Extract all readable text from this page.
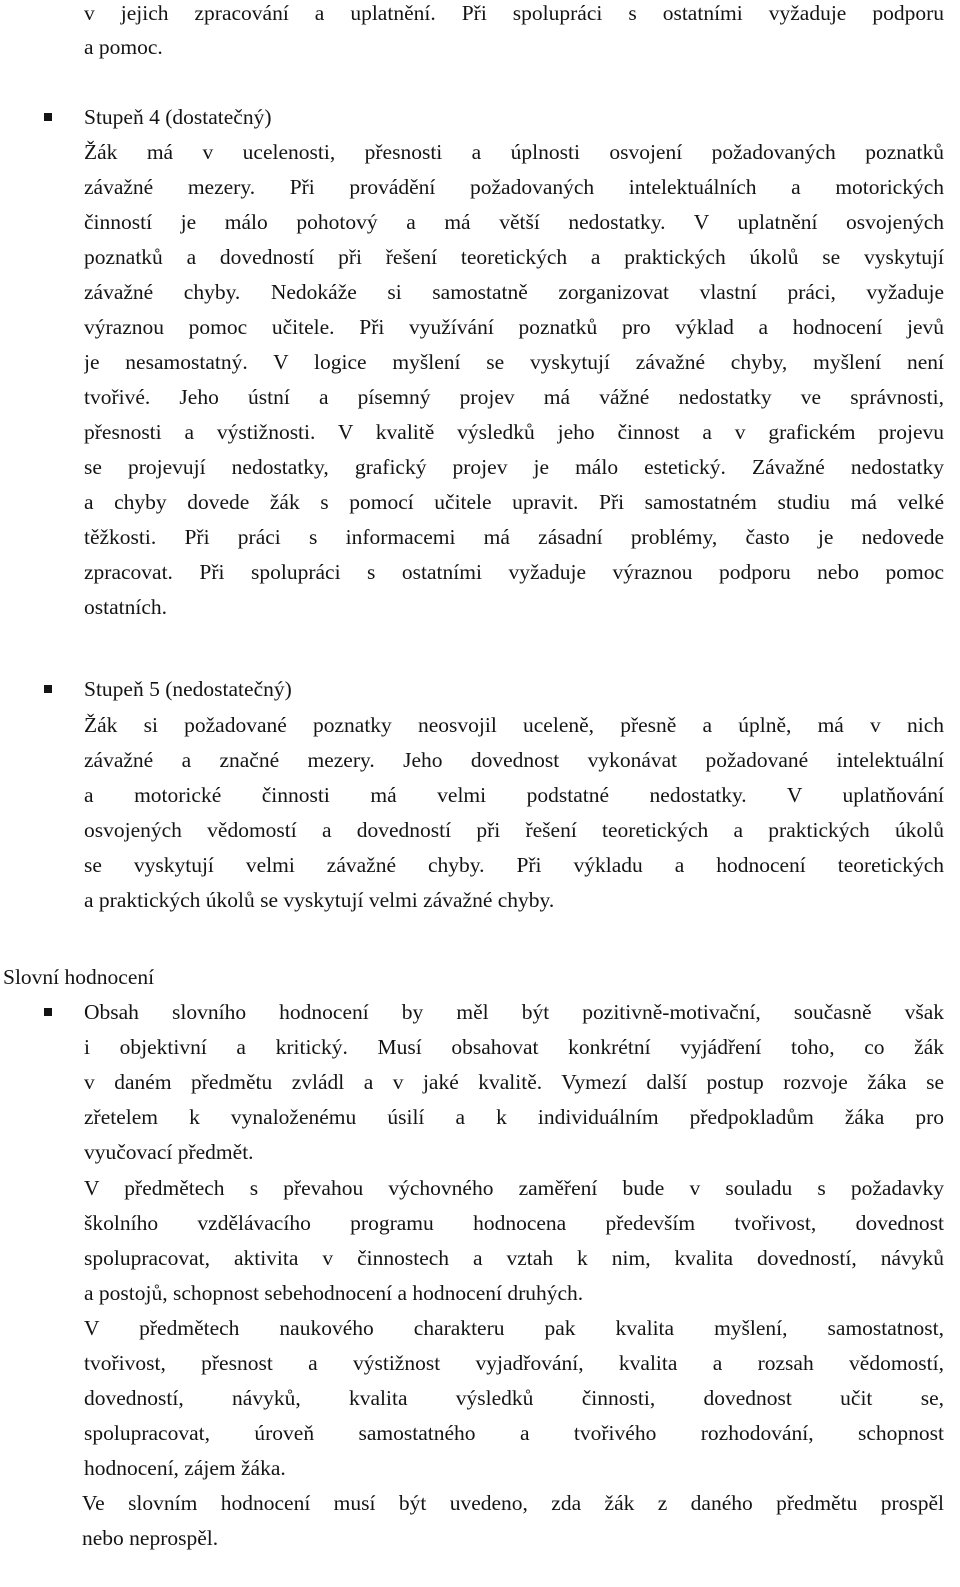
v jejich zpracování a uplatnění. Při spolupráci s ostatními vyžaduje podporu
a pomoc.
Stupeň 4 (dostatečný)
Žák má v ucelenosti, přesnosti a úplnosti osvojení požadovaných poznatků
závažné mezery. Při provádění požadovaných intelektuálních a motorických
činností je málo pohotový a má větší nedostatky. V uplatnění osvojených
poznatků a dovedností při řešení teoretických a praktických úkolů se vyskytují
závažné chyby. Nedokáže si samostatně zorganizovat vlastní práci, vyžaduje
výraznou pomoc učitele. Při využívání poznatků pro výklad a hodnocení jevů
je nesamostatný. V logice myšlení se vyskytují závažné chyby, myšlení není
tvořivé. Jeho ústní a písemný projev má vážné nedostatky ve správnosti,
přesnosti a výstižnosti. V kvalitě výsledků jeho činnost a v grafickém projevu
se projevují nedostatky, grafický projev je málo estetický. Závažné nedostatky
a chyby dovede žák s pomocí učitele upravit. Při samostatném studiu má velké
těžkosti. Při práci s informacemi má zásadní problémy, často je nedovede
zpracovat. Při spolupráci s ostatními vyžaduje výraznou podporu nebo pomoc
ostatních.
Stupeň 5 (nedostatečný)
Žák si požadované poznatky neosvojil uceleně, přesně a úplně, má v nich
závažné a značné mezery. Jeho dovednost vykonávat požadované intelektuální
a motorické činnosti má velmi podstatné nedostatky. V uplatňování
osvojených vědomostí a dovedností při řešení teoretických a praktických úkolů
se vyskytují velmi závažné chyby. Při výkladu a hodnocení teoretických
a praktických úkolů se vyskytují velmi závažné chyby.
Slovní hodnocení
Obsah slovního hodnocení by měl být pozitivně-motivační, současně však
i objektivní a kritický. Musí obsahovat konkrétní vyjádření toho, co žák
v daném předmětu zvládl a v jaké kvalitě. Vymezí další postup rozvoje žáka se
zřetelem k vynaloženému úsilí a k individuálním předpokladům žáka pro
vyučovací předmět.
V předmětech s převahou výchovného zaměření bude v souladu s požadavky
školního vzdělávacího programu hodnocena především tvořivost, dovednost
spolupracovat, aktivita v činnostech a vztah k nim, kvalita dovedností, návyků
a postojů, schopnost sebehodnocení a hodnocení druhých.
V předmětech naukového charakteru pak kvalita myšlení, samostatnost,
tvořivost, přesnost a výstižnost vyjadřování, kvalita a rozsah vědomostí,
dovedností, návyků, kvalita výsledků činnosti, dovednost učit se,
spolupracovat, úroveň samostatného a tvořivého rozhodování, schopnost
hodnocení, zájem žáka.
Ve slovním hodnocení musí být uvedeno, zda žák z daného předmětu prospěl
nebo neprospěl.
